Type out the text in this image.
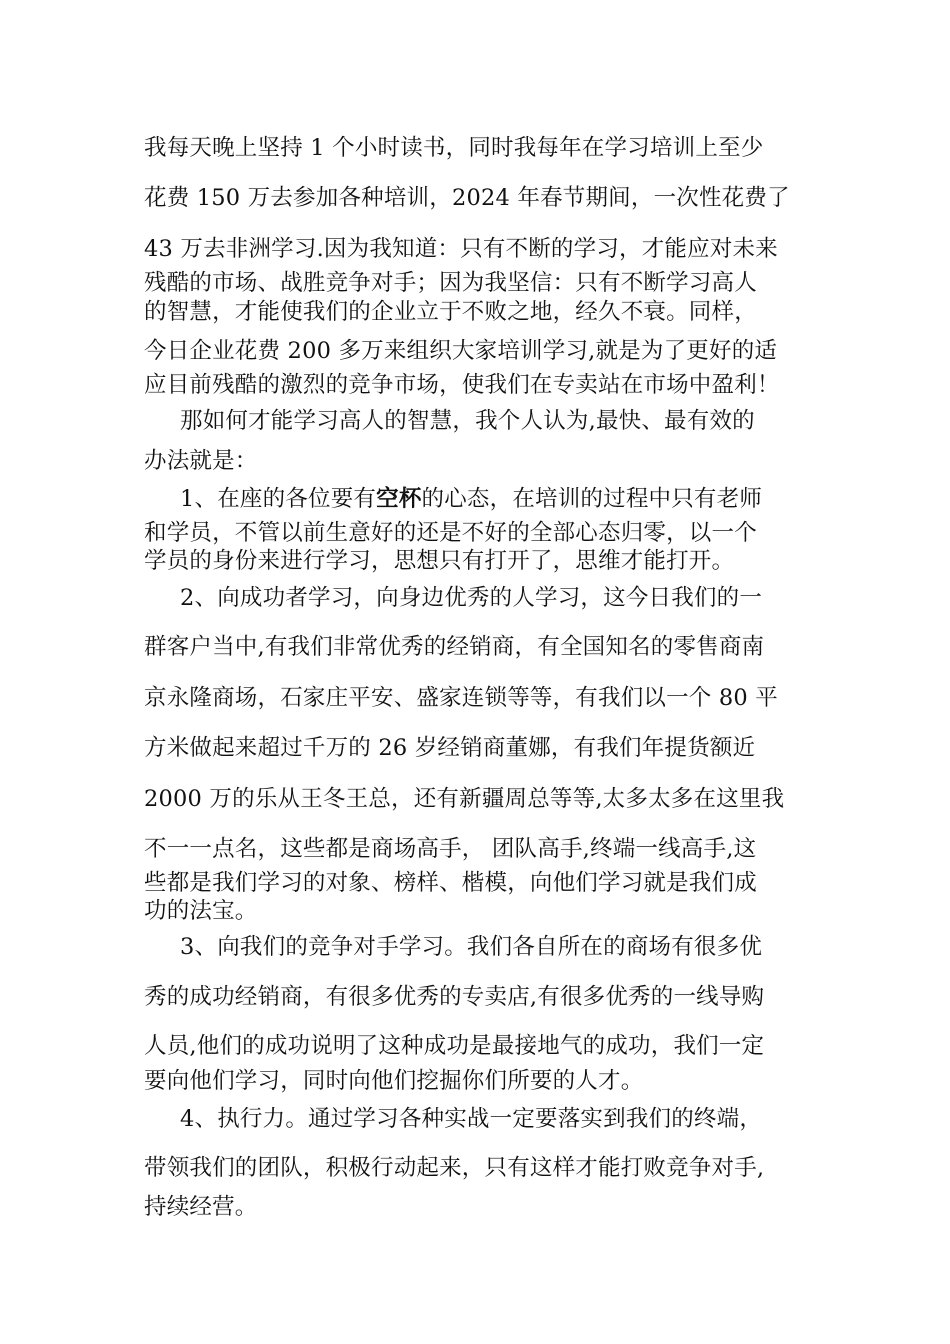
我每天晚上坚持 1 个小时读书，同时我每年在学习培训上至少
花费 150 万去参加各种培训，2024 年春节期间，一次性花费了
43 万去非洲学习.因为我知道：只有不断的学习，才能应对未来
残酷的市场、战胜竞争对手；因为我坚信：只有不断学习高人
的智慧，才能使我们的企业立于不败之地，经久不衰。同样，
今日企业花费 200 多万来组织大家培训学习,就是为了更好的适
应目前残酷的激烈的竞争市场，使我们在专卖站在市场中盈利！
那如何才能学习高人的智慧，我个人认为,最快、最有效的
办法就是：
1、在座的各位要有空杯的心态，在培训的过程中只有老师
和学员，不管以前生意好的还是不好的全部心态归零，以一个
学员的身份来进行学习，思想只有打开了，思维才能打开。
2、向成功者学习，向身边优秀的人学习，这今日我们的一
群客户当中,有我们非常优秀的经销商，有全国知名的零售商南
京永隆商场，石家庄平安、盛家连锁等等，有我们以一个 80 平
方米做起来超过千万的 26 岁经销商董娜，有我们年提货额近
2000 万的乐从王冬王总，还有新疆周总等等,太多太多在这里我
不一一点名，这些都是商场高手， 团队高手,终端一线高手,这
些都是我们学习的对象、榜样、楷模，向他们学习就是我们成
功的法宝。
3、向我们的竞争对手学习。我们各自所在的商场有很多优
秀的成功经销商，有很多优秀的专卖店,有很多优秀的一线导购
人员,他们的成功说明了这种成功是最接地气的成功，我们一定
要向他们学习，同时向他们挖掘你们所要的人才。
4、执行力。通过学习各种实战一定要落实到我们的终端，
带领我们的团队，积极行动起来，只有这样才能打败竞争对手,
持续经营。
